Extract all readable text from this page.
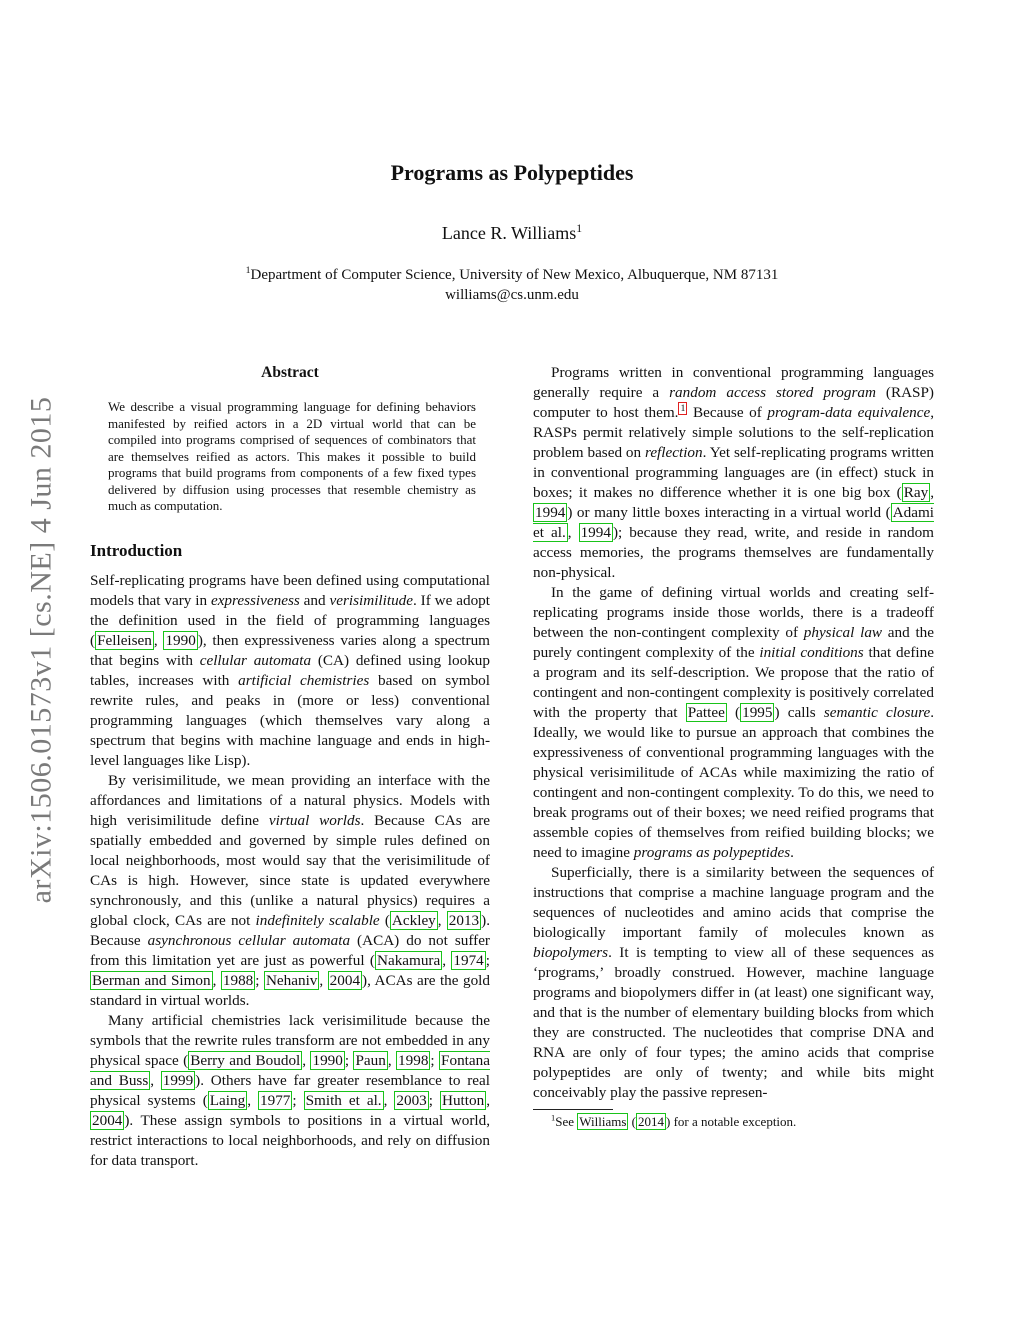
arXiv:1506.01573v1 [cs.NE] 4 Jun 2015
Programs as Polypeptides
Lance R. Williams$^1$
$^1$Department of Computer Science, University of New Mexico, Albuquerque, NM 87131
williams@cs.unm.edu
Abstract
We describe a visual programming language for defining behaviors manifested by reified actors in a 2D virtual world that can be compiled into programs comprised of sequences of combinators that are themselves reified as actors. This makes it possible to build programs that build programs from components of a few fixed types delivered by diffusion using processes that resemble chemistry as much as computation.
Introduction

Self-replicating programs have been defined using computational models that vary in expressiveness and verisimilitude. If we adopt the definition used in the field of programming languages ( Felleisen , 1990 ), then expressiveness varies along a spectrum that begins with cellular automata (CA) defined using lookup tables, increases with artificial chemistries based on symbol rewrite rules, and peaks in (more or less) conventional programming languages (which themselves vary along a spectrum that begins with machine language and ends in high-level languages like Lisp).

By verisimilitude, we mean providing an interface with the affordances and limitations of a natural physics. Models with high verisimilitude define virtual worlds. Because CAs are spatially embedded and governed by simple rules defined on local neighborhoods, most would say that the verisimilitude of CAs is high. However, since state is updated everywhere synchronously, and this (unlike a natural physics) requires a global clock, CAs are not indefinitely scalable ( Ackley , 2013 ). Because asynchronous cellular automata (ACA) do not suffer from this limitation yet are just as powerful ( Nakamura , 1974 ; Berman and Simon , 1988 ; Nehaniv , 2004 ), ACAs are the gold standard in virtual worlds.

Many artificial chemistries lack verisimilitude because the symbols that the rewrite rules transform are not embedded in any physical space ( Berry and Boudol , 1990 ; Paun , 1998 ; Fontana and Buss , 1999 ). Others have far greater resemblance to real physical systems ( Laing , 1977 ; Smith et al. , 2003 ; Hutton , 2004 ). These assign symbols to positions in a virtual world, restrict interactions to local neighborhoods, and rely on diffusion for data transport.

Programs written in conventional programming languages generally require a random access stored program (RASP) computer to host them. $^1$ Because of program-data equivalence, RASPs permit relatively simple solutions to the self-replication problem based on reflection. Yet self-replicating programs written in conventional programming languages are (in effect) stuck in boxes; it makes no difference whether it is one big box ( Ray , 1994 ) or many little boxes interacting in a virtual world ( Adami et al. , 1994 ); because they read, write, and reside in random access memories, the programs themselves are fundamentally non-physical.

In the game of defining virtual worlds and creating self-replicating programs inside those worlds, there is a tradeoff between the non-contingent complexity of physical law and the purely contingent complexity of the initial conditions that define a program and its self-description. We propose that the ratio of contingent and non-contingent complexity is positively correlated with the property that Pattee ( 1995 ) calls semantic closure. Ideally, we would like to pursue an approach that combines the expressiveness of conventional programming languages with the physical verisimilitude of ACAs while maximizing the ratio of contingent and non-contingent complexity. To do this, we need to break programs out of their boxes; we need reified programs that assemble copies of themselves from reified building blocks; we need to imagine programs as polypeptides.

Superficially, there is a similarity between the sequences of instructions that comprise a machine language program and the sequences of nucleotides and amino acids that comprise the biologically important family of molecules known as biopolymers. It is tempting to view all of these sequences as ‘programs,’ broadly construed. However, machine language programs and biopolymers differ in (at least) one significant way, and that is the number of elementary building blocks from which they are constructed. The nucleotides that comprise DNA and RNA are only of four types; the amino acids that comprise polypeptides are only of twenty; and while bits might conceivably play the passive represen-

$^1$See Williams ( 2014 ) for a notable exception.
